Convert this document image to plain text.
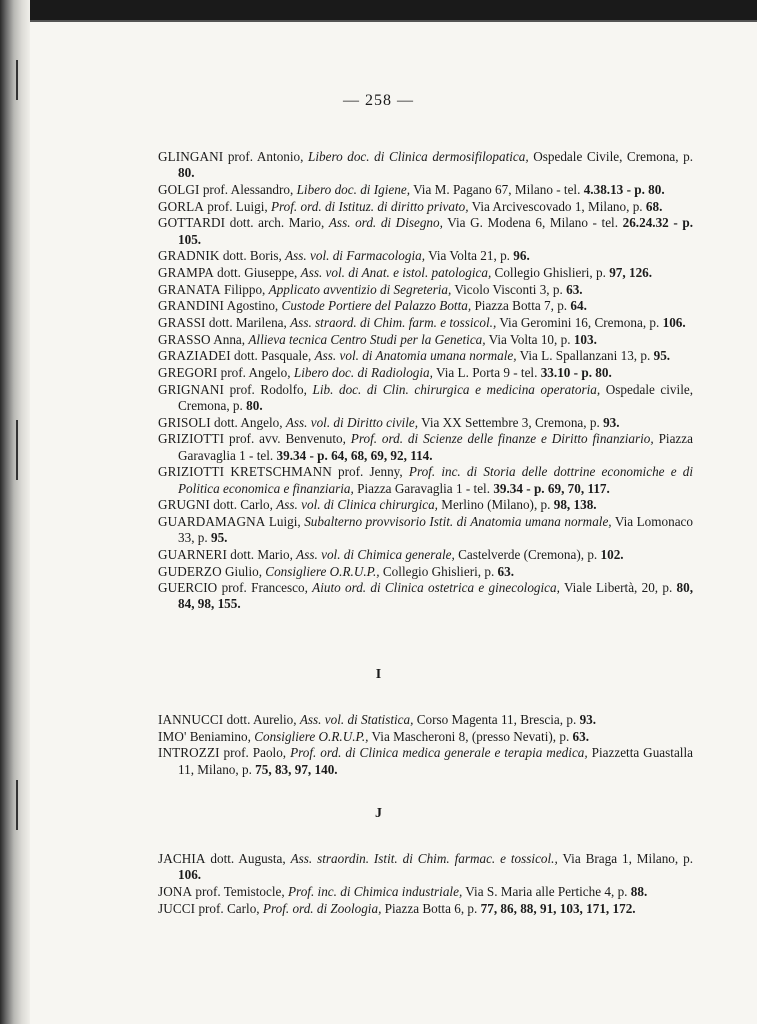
— 258 —

GLINGANI prof. Antonio, Libero doc. di Clinica dermosifilopatica, Ospedale Civile, Cremona, p. 80.

GOLGI prof. Alessandro, Libero doc. di Igiene, Via M. Pagano 67, Milano - tel. 4.38.13 - p. 80.

GORLA prof. Luigi, Prof. ord. di Istituz. di diritto privato, Via Arcivescovado 1, Milano, p. 68.

GOTTARDI dott. arch. Mario, Ass. ord. di Disegno, Via G. Modena 6, Milano - tel. 26.24.32 - p. 105.

GRADNIK dott. Boris, Ass. vol. di Farmacologia, Via Volta 21, p. 96.

GRAMPA dott. Giuseppe, Ass. vol. di Anat. e istol. patologica, Collegio Ghislieri, p. 97, 126.

GRANATA Filippo, Applicato avventizio di Segreteria, Vicolo Visconti 3, p. 63.

GRANDINI Agostino, Custode Portiere del Palazzo Botta, Piazza Botta 7, p. 64.

GRASSI dott. Marilena, Ass. straord. di Chim. farm. e tossicol., Via Geromini 16, Cremona, p. 106.

GRASSO Anna, Allieva tecnica Centro Studi per la Genetica, Via Volta 10, p. 103.

GRAZIADEI dott. Pasquale, Ass. vol. di Anatomia umana normale, Via L. Spallanzani 13, p. 95.

GREGORI prof. Angelo, Libero doc. di Radiologia, Via L. Porta 9 - tel. 33.10 - p. 80.

GRIGNANI prof. Rodolfo, Lib. doc. di Clin. chirurgica e medicina operatoria, Ospedale civile, Cremona, p. 80.

GRISOLI dott. Angelo, Ass. vol. di Diritto civile, Via XX Settembre 3, Cremona, p. 93.

GRIZIOTTI prof. avv. Benvenuto, Prof. ord. di Scienze delle finanze e Diritto finanziario, Piazza Garavaglia 1 - tel. 39.34 - p. 64, 68, 69, 92, 114.

GRIZIOTTI KRETSCHMANN prof. Jenny, Prof. inc. di Storia delle dottrine economiche e di Politica economica e finanziaria, Piazza Garavaglia 1 - tel. 39.34 - p. 69, 70, 117.

GRUGNI dott. Carlo, Ass. vol. di Clinica chirurgica, Merlino (Milano), p. 98, 138.

GUARDAMAGNA Luigi, Subalterno provvisorio Istit. di Anatomia umana normale, Via Lomonaco 33, p. 95.

GUARNERI dott. Mario, Ass. vol. di Chimica generale, Castelverde (Cremona), p. 102.

GUDERZO Giulio, Consigliere O.R.U.P., Collegio Ghislieri, p. 63.

GUERCIO prof. Francesco, Aiuto ord. di Clinica ostetrica e ginecologica, Viale Libertà, 20, p. 80, 84, 98, 155.

I

IANNUCCI dott. Aurelio, Ass. vol. di Statistica, Corso Magenta 11, Brescia, p. 93.

IMO' Beniamino, Consigliere O.R.U.P., Via Mascheroni 8, (presso Nevati), p. 63.

INTROZZI prof. Paolo, Prof. ord. di Clinica medica generale e terapia medica, Piazzetta Guastalla 11, Milano, p. 75, 83, 97, 140.

J

JACHIA dott. Augusta, Ass. straordin. Istit. di Chim. farmac. e tossicol., Via Braga 1, Milano, p. 106.

JONA prof. Temistocle, Prof. inc. di Chimica industriale, Via S. Maria alle Pertiche 4, p. 88.

JUCCI prof. Carlo, Prof. ord. di Zoologia, Piazza Botta 6, p. 77, 86, 88, 91, 103, 171, 172.
